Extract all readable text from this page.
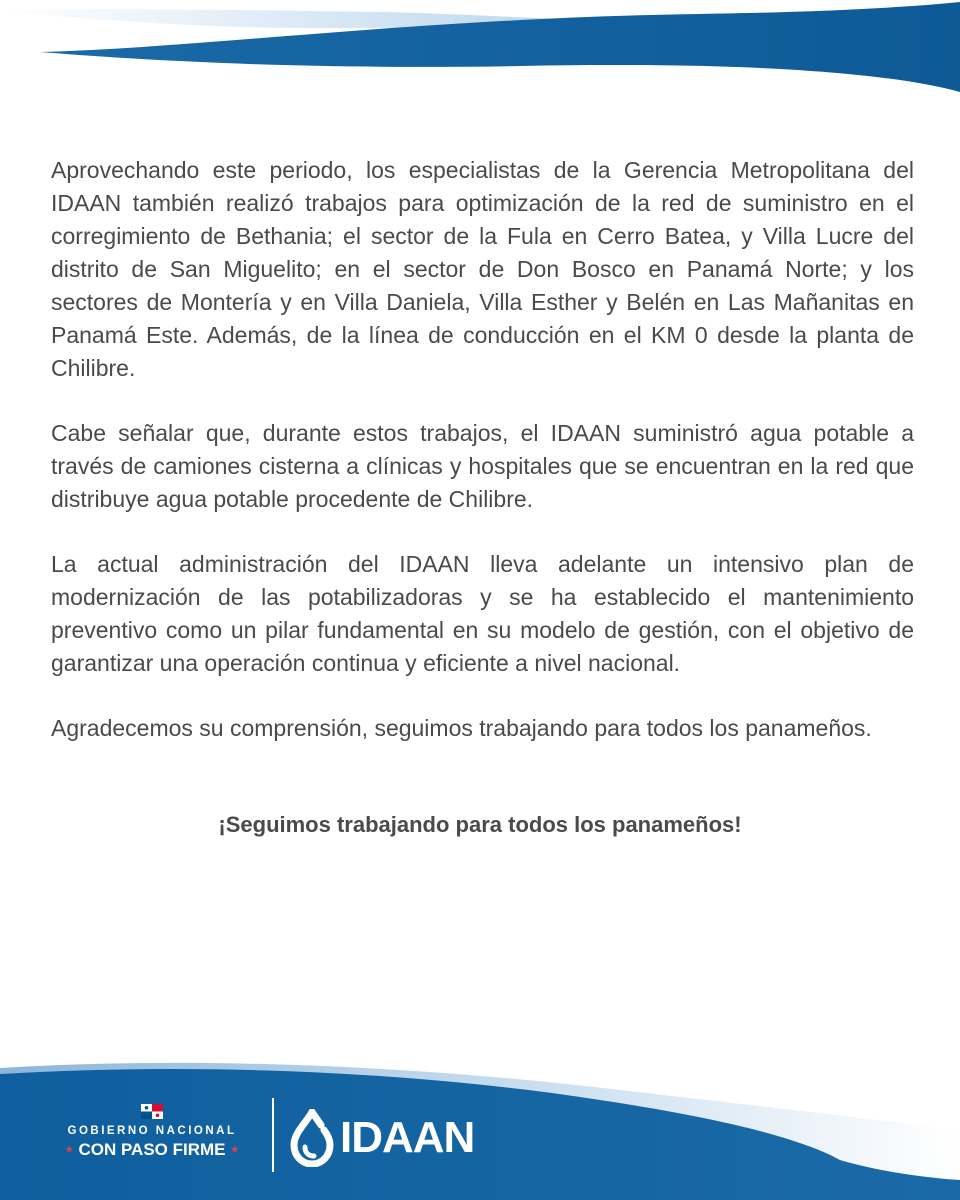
Aprovechando este periodo, los especialistas de la Gerencia Metropolitana del IDAAN también realizó trabajos para optimización de la red de suministro en el corregimiento de Bethania; el sector de la Fula en Cerro Batea, y Villa Lucre del distrito de San Miguelito; en el sector de Don Bosco en Panamá Norte; y los sectores de Montería y en Villa Daniela, Villa Esther y Belén en Las Mañanitas en Panamá Este. Además, de la línea de conducción en el KM 0 desde la planta de Chilibre.

Cabe señalar que, durante estos trabajos, el IDAAN suministró agua potable a través de camiones cisterna a clínicas y hospitales que se encuentran en la red que distribuye agua potable procedente de Chilibre.

La actual administración del IDAAN lleva adelante un intensivo plan de modernización de las potabilizadoras y se ha establecido el mantenimiento preventivo como un pilar fundamental en su modelo de gestión, con el objetivo de garantizar una operación continua y eficiente a nivel nacional.

Agradecemos su comprensión, seguimos trabajando para todos los panameños.

¡Seguimos trabajando para todos los panameños!
GOBIERNO NACIONAL
★ CON PASO FIRME ★	IDAAN
